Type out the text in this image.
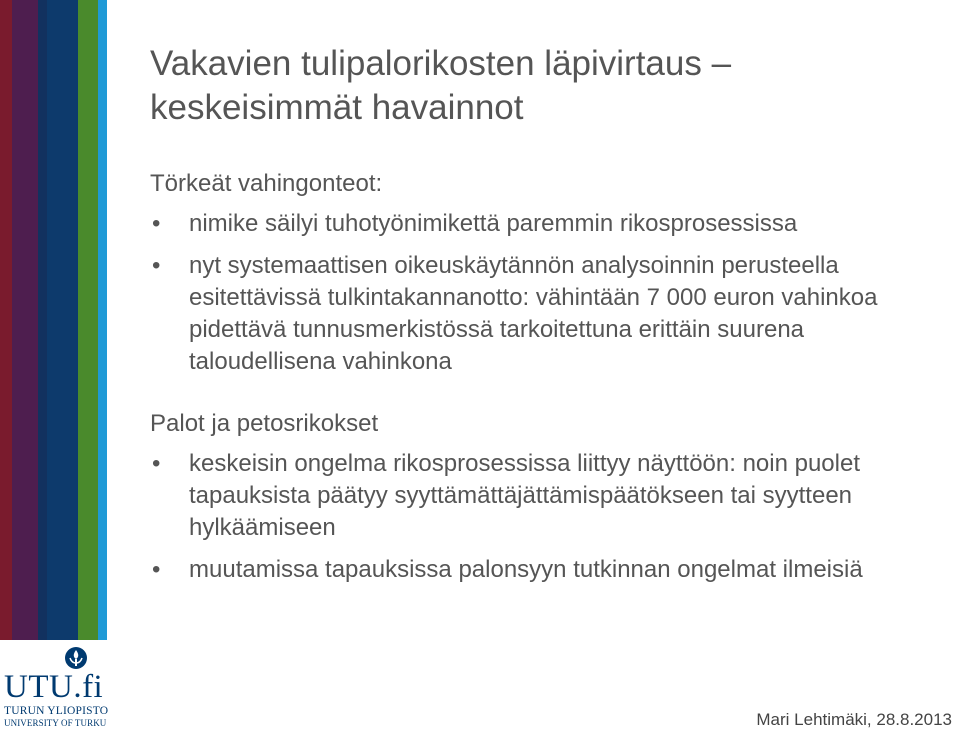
UTU.fi
TURUN YLIOPISTO
UNIVERSITY OF TURKU
Vakavien tulipalorikosten läpivirtaus –
keskeisimmät havainnot

Törkeät vahingonteot:

• nimike säilyi tuhotyönimikettä paremmin rikosprosessissa
• nyt systemaattisen oikeuskäytännön analysoinnin perusteella esitettävissä tulkintakannanotto: vähintään 7 000 euron vahinkoa pidettävä tunnusmerkistössä tarkoitettuna erittäin suurena taloudellisena vahinkona

Palot ja petosrikokset

• keskeisin ongelma rikosprosessissa liittyy näyttöön: noin puolet tapauksista päätyy syyttämättäjättämispäätökseen tai syytteen hylkäämiseen
• muutamissa tapauksissa palonsyyn tutkinnan ongelmat ilmeisiä
Mari Lehtimäki, 28.8.2013
